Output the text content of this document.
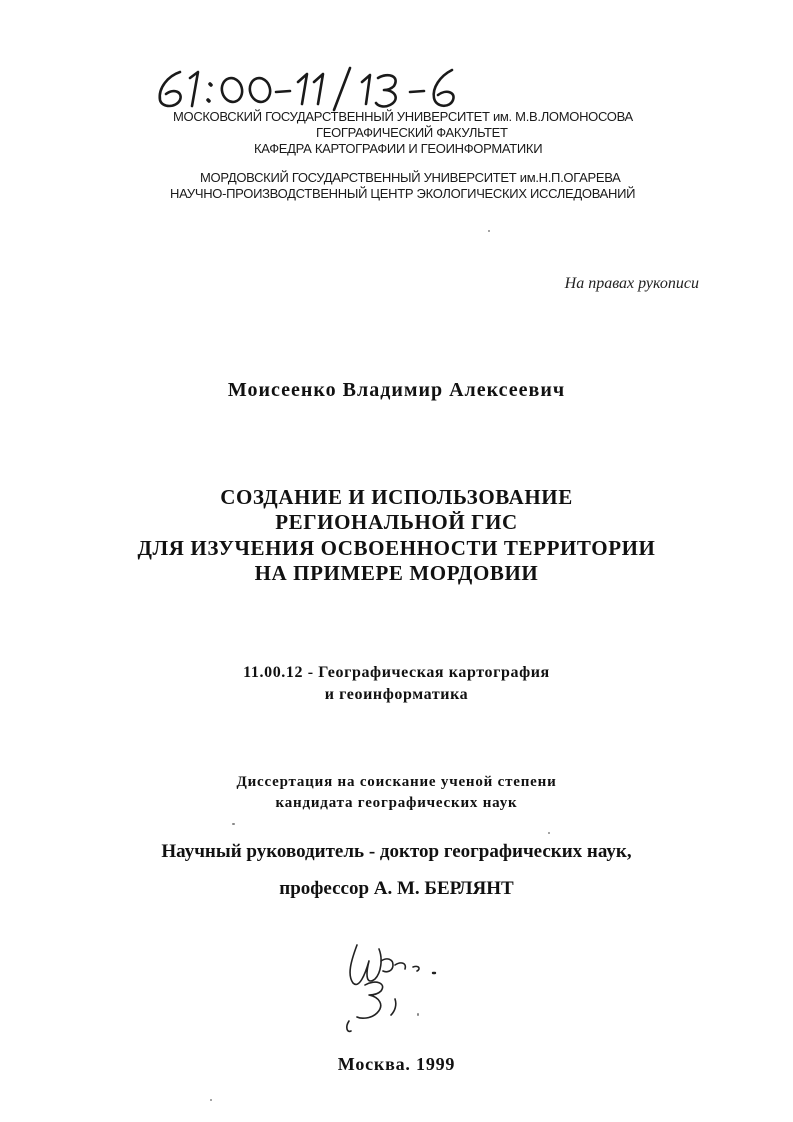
МОСКОВСКИЙ ГОСУДАРСТВЕННЫЙ УНИВЕРСИТЕТ им. М.В.ЛОМОНОСОВА
ГЕОГРАФИЧЕСКИЙ ФАКУЛЬТЕТ
КАФЕДРА КАРТОГРАФИИ И ГЕОИНФОРМАТИКИ
МОРДОВСКИЙ ГОСУДАРСТВЕННЫЙ УНИВЕРСИТЕТ им.Н.П.ОГАРЕВА
НАУЧНО-ПРОИЗВОДСТВЕННЫЙ ЦЕНТР ЭКОЛОГИЧЕСКИХ ИССЛЕДОВАНИЙ
На правах рукописи
Моисеенко Владимир Алексеевич
СОЗДАНИЕ И ИСПОЛЬЗОВАНИЕ
РЕГИОНАЛЬНОЙ ГИС
ДЛЯ ИЗУЧЕНИЯ ОСВОЕННОСТИ ТЕРРИТОРИИ
НА ПРИМЕРЕ МОРДОВИИ
11.00.12 - Географическая картография
и геоинформатика
Диссертация на соискание ученой степени
кандидата географических наук
Научный руководитель - доктор географических наук,
профессор А. М. БЕРЛЯНТ
Москва. 1999
